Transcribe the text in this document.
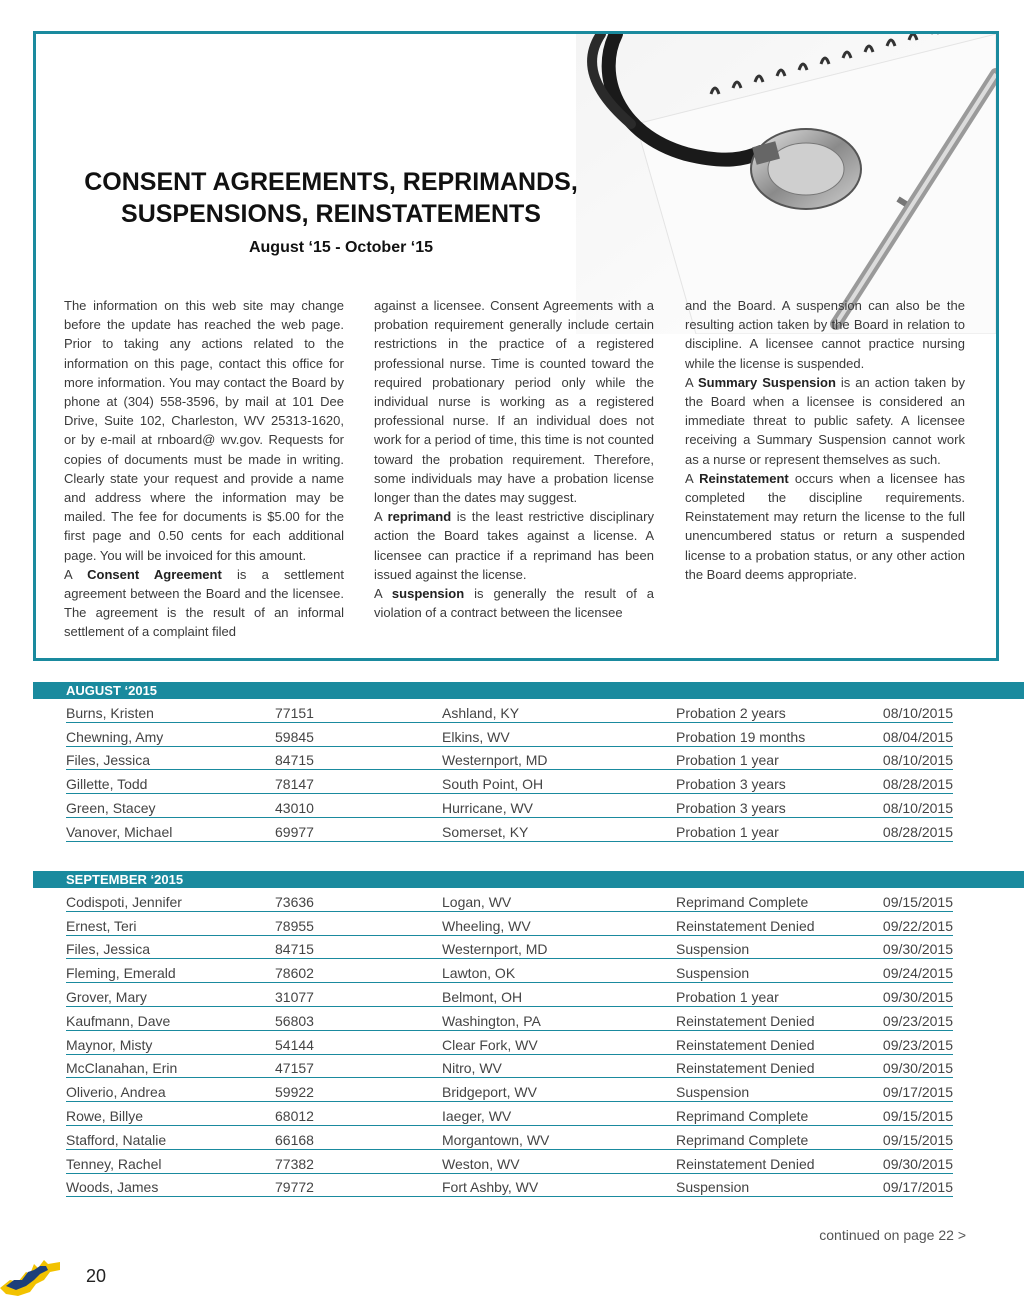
CONSENT AGREEMENTS, REPRIMANDS,
SUSPENSIONS, REINSTATEMENTS
August ‘15 - October ‘15

The information on this web site may change before the update has reached the web page. Prior to taking any actions related to the information on this page, contact this office for more information. You may contact the Board by phone at (304) 558-3596, by mail at 101 Dee Drive, Suite 102, Charleston, WV 25313-1620, or by e-mail at rnboard@ wv.gov. Requests for copies of documents must be made in writing. Clearly state your request and provide a name and address where the information may be mailed. The fee for documents is $5.00 for the first page and 0.50 cents for each additional page. You will be invoiced for this amount.

A Consent Agreement is a settlement agreement between the Board and the licensee. The agreement is the result of an informal settlement of a complaint filed

against a licensee. Consent Agreements with a probation requirement generally include certain restrictions in the practice of a registered professional nurse. Time is counted toward the required probationary period only while the individual nurse is working as a registered professional nurse. If an individual does not work for a period of time, this time is not counted toward the probation requirement. Therefore, some individuals may have a probation license longer than the dates may suggest.

A reprimand is the least restrictive disciplinary action the Board takes against a license. A licensee can practice if a reprimand has been issued against the license.

A suspension is generally the result of a violation of a contract between the licensee

and the Board. A suspension can also be the resulting action taken by the Board in relation to discipline. A licensee cannot practice nursing while the license is suspended.

A Summary Suspension is an action taken by the Board when a licensee is considered an immediate threat to public safety. A licensee receiving a Summary Suspension cannot work as a nurse or represent themselves as such.

A Reinstatement occurs when a licensee has completed the discipline requirements. Reinstatement may return the license to the full unencumbered status or return a suspended license to a probation status, or any other action the Board deems appropriate.

AUGUST ‘2015
Burns, Kristen	77151	Ashland, KY	Probation 2 years	08/10/2015
Chewning, Amy	59845	Elkins, WV	Probation 19 months	08/04/2015
Files, Jessica	84715	Westernport, MD	Probation 1 year	08/10/2015
Gillette, Todd	78147	South Point, OH	Probation 3 years	08/28/2015
Green, Stacey	43010	Hurricane, WV	Probation 3 years	08/10/2015
Vanover, Michael	69977	Somerset, KY	Probation 1 year	08/28/2015
SEPTEMBER ‘2015
Codispoti, Jennifer	73636	Logan, WV	Reprimand Complete	09/15/2015
Ernest, Teri	78955	Wheeling, WV	Reinstatement Denied	09/22/2015
Files, Jessica	84715	Westernport, MD	Suspension	09/30/2015
Fleming, Emerald	78602	Lawton, OK	Suspension	09/24/2015
Grover, Mary	31077	Belmont, OH	Probation 1 year	09/30/2015
Kaufmann, Dave	56803	Washington, PA	Reinstatement Denied	09/23/2015
Maynor, Misty	54144	Clear Fork, WV	Reinstatement Denied	09/23/2015
McClanahan, Erin	47157	Nitro, WV	Reinstatement Denied	09/30/2015
Oliverio, Andrea	59922	Bridgeport, WV	Suspension	09/17/2015
Rowe, Billye	68012	Iaeger, WV	Reprimand Complete	09/15/2015
Stafford, Natalie	66168	Morgantown, WV	Reprimand Complete	09/15/2015
Tenney, Rachel	77382	Weston, WV	Reinstatement Denied	09/30/2015
Woods, James	79772	Fort Ashby, WV	Suspension	09/17/2015
continued on page 22 >
20
